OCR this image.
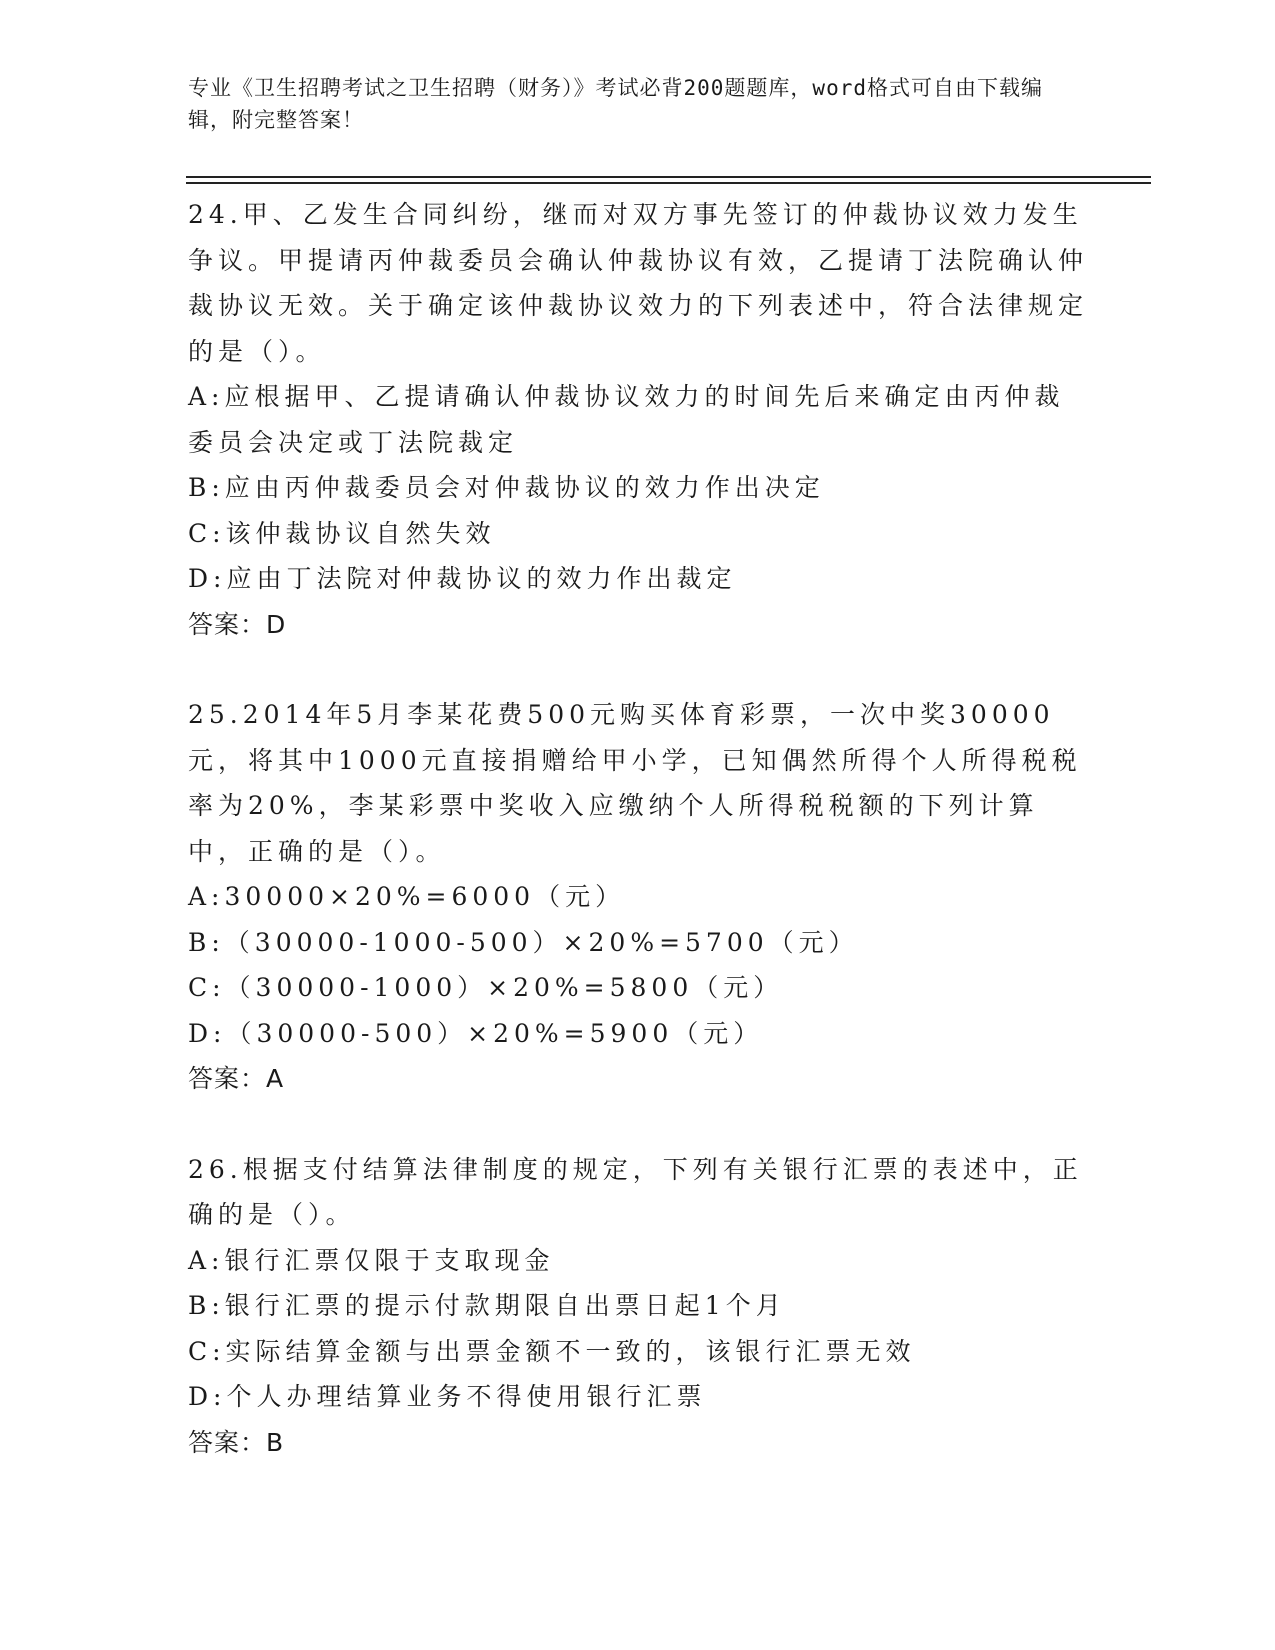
专业《卫生招聘考试之卫生招聘（财务）》考试必背200题题库，word格式可自由下载编辑，附完整答案！

24.甲、乙发生合同纠纷，继而对双方事先签订的仲裁协议效力发生争议。甲提请丙仲裁委员会确认仲裁协议有效，乙提请丁法院确认仲裁协议无效。关于确定该仲裁协议效力的下列表述中，符合法律规定的是（）。

A:应根据甲、乙提请确认仲裁协议效力的时间先后来确定由丙仲裁委员会决定或丁法院裁定

B:应由丙仲裁委员会对仲裁协议的效力作出决定

C:该仲裁协议自然失效

D:应由丁法院对仲裁协议的效力作出裁定

答案：D

25.2014年5月李某花费500元购买体育彩票，一次中奖30000元，将其中1000元直接捐赠给甲小学，已知偶然所得个人所得税税率为20%，李某彩票中奖收入应缴纳个人所得税税额的下列计算中，正确的是（）。

A:30000×20%=6000（元）

B:（30000-1000-500）×20%=5700（元）

C:（30000-1000）×20%=5800（元）

D:（30000-500）×20%=5900（元）

答案：A

26.根据支付结算法律制度的规定，下列有关银行汇票的表述中，正确的是（）。

A:银行汇票仅限于支取现金

B:银行汇票的提示付款期限自出票日起1个月

C:实际结算金额与出票金额不一致的，该银行汇票无效

D:个人办理结算业务不得使用银行汇票

答案：B
